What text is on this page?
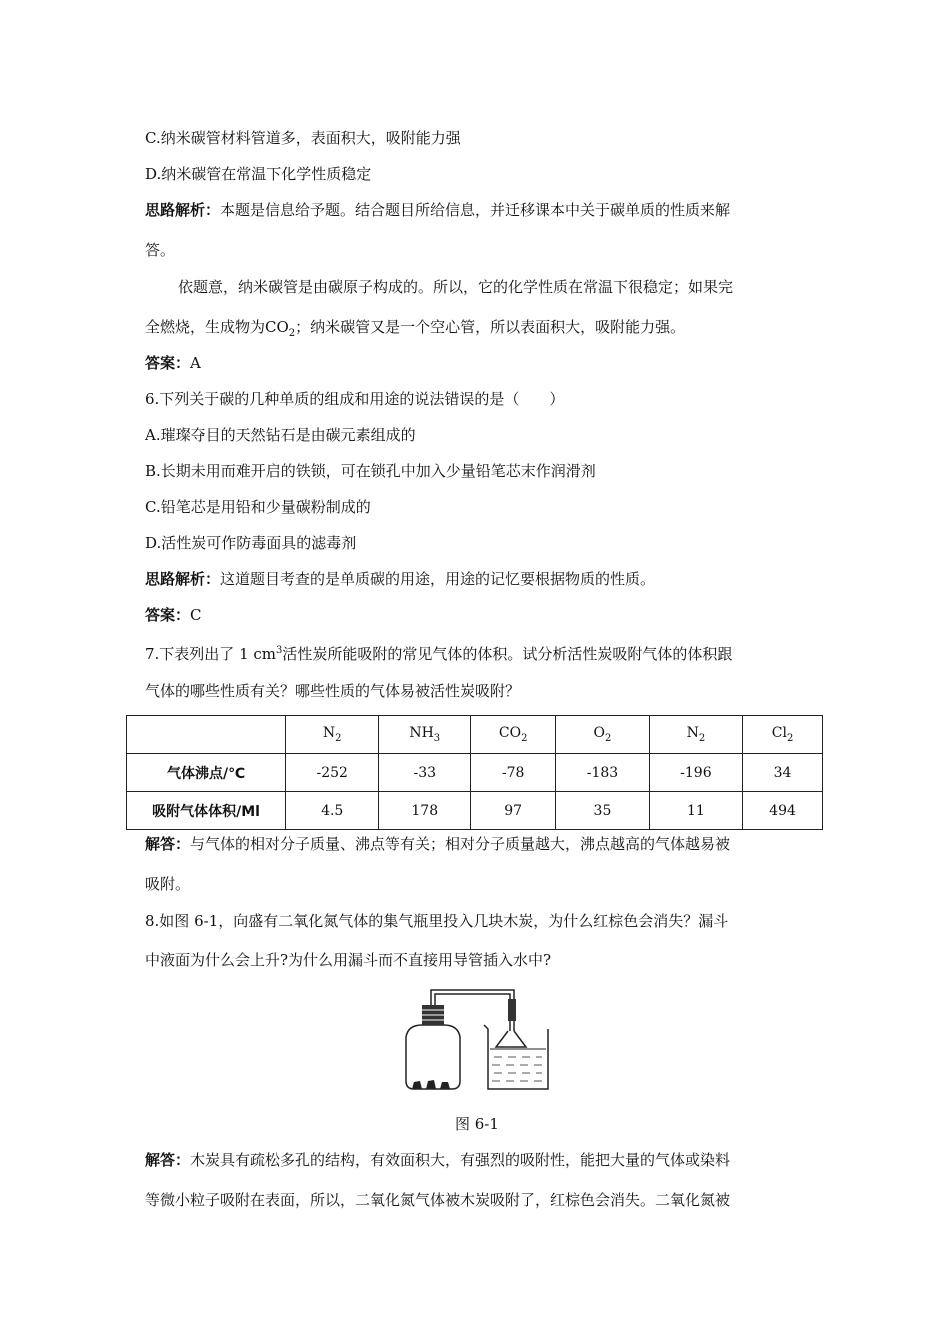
C.纳米碳管材料管道多，表面积大，吸附能力强
D.纳米碳管在常温下化学性质稳定
思路解析：本题是信息给予题。结合题目所给信息，并迁移课本中关于碳单质的性质来解
答。
依题意，纳米碳管是由碳原子构成的。所以，它的化学性质在常温下很稳定；如果完
全燃烧，生成物为$CO_2$；纳米碳管又是一个空心管，所以表面积大，吸附能力强。
答案：A
6.下列关于碳的几种单质的组成和用途的说法错误的是（　　）
A.璀璨夺目的天然钻石是由碳元素组成的
B.长期未用而难开启的铁锁，可在锁孔中加入少量铅笔芯末作润滑剂
C.铅笔芯是用铅和少量碳粉制成的
D.活性炭可作防毒面具的滤毒剂
思路解析：这道题目考查的是单质碳的用途，用途的记忆要根据物质的性质。
答案：C
7.下表列出了 1 $cm^3$活性炭所能吸附的常见气体的体积。试分析活性炭吸附气体的体积跟
气体的哪些性质有关？哪些性质的气体易被活性炭吸附？
	$N_2$	$NH_3$	$CO_2$	$O_2$	$N_2$	$Cl_2$
气体沸点/℃	-252	-33	-78	-183	-196	34
吸附气体体积/Ml	4.5	178	97	35	11	494
解答：与气体的相对分子质量、沸点等有关；相对分子质量越大，沸点越高的气体越易被
吸附。
8.如图 6-1，向盛有二氧化氮气体的集气瓶里投入几块木炭，为什么红棕色会消失？漏斗
中液面为什么会上升?为什么用漏斗而不直接用导管插入水中?
图 6-1
解答：木炭具有疏松多孔的结构，有效面积大，有强烈的吸附性，能把大量的气体或染料
等微小粒子吸附在表面，所以，二氧化氮气体被木炭吸附了，红棕色会消失。二氧化氮被
